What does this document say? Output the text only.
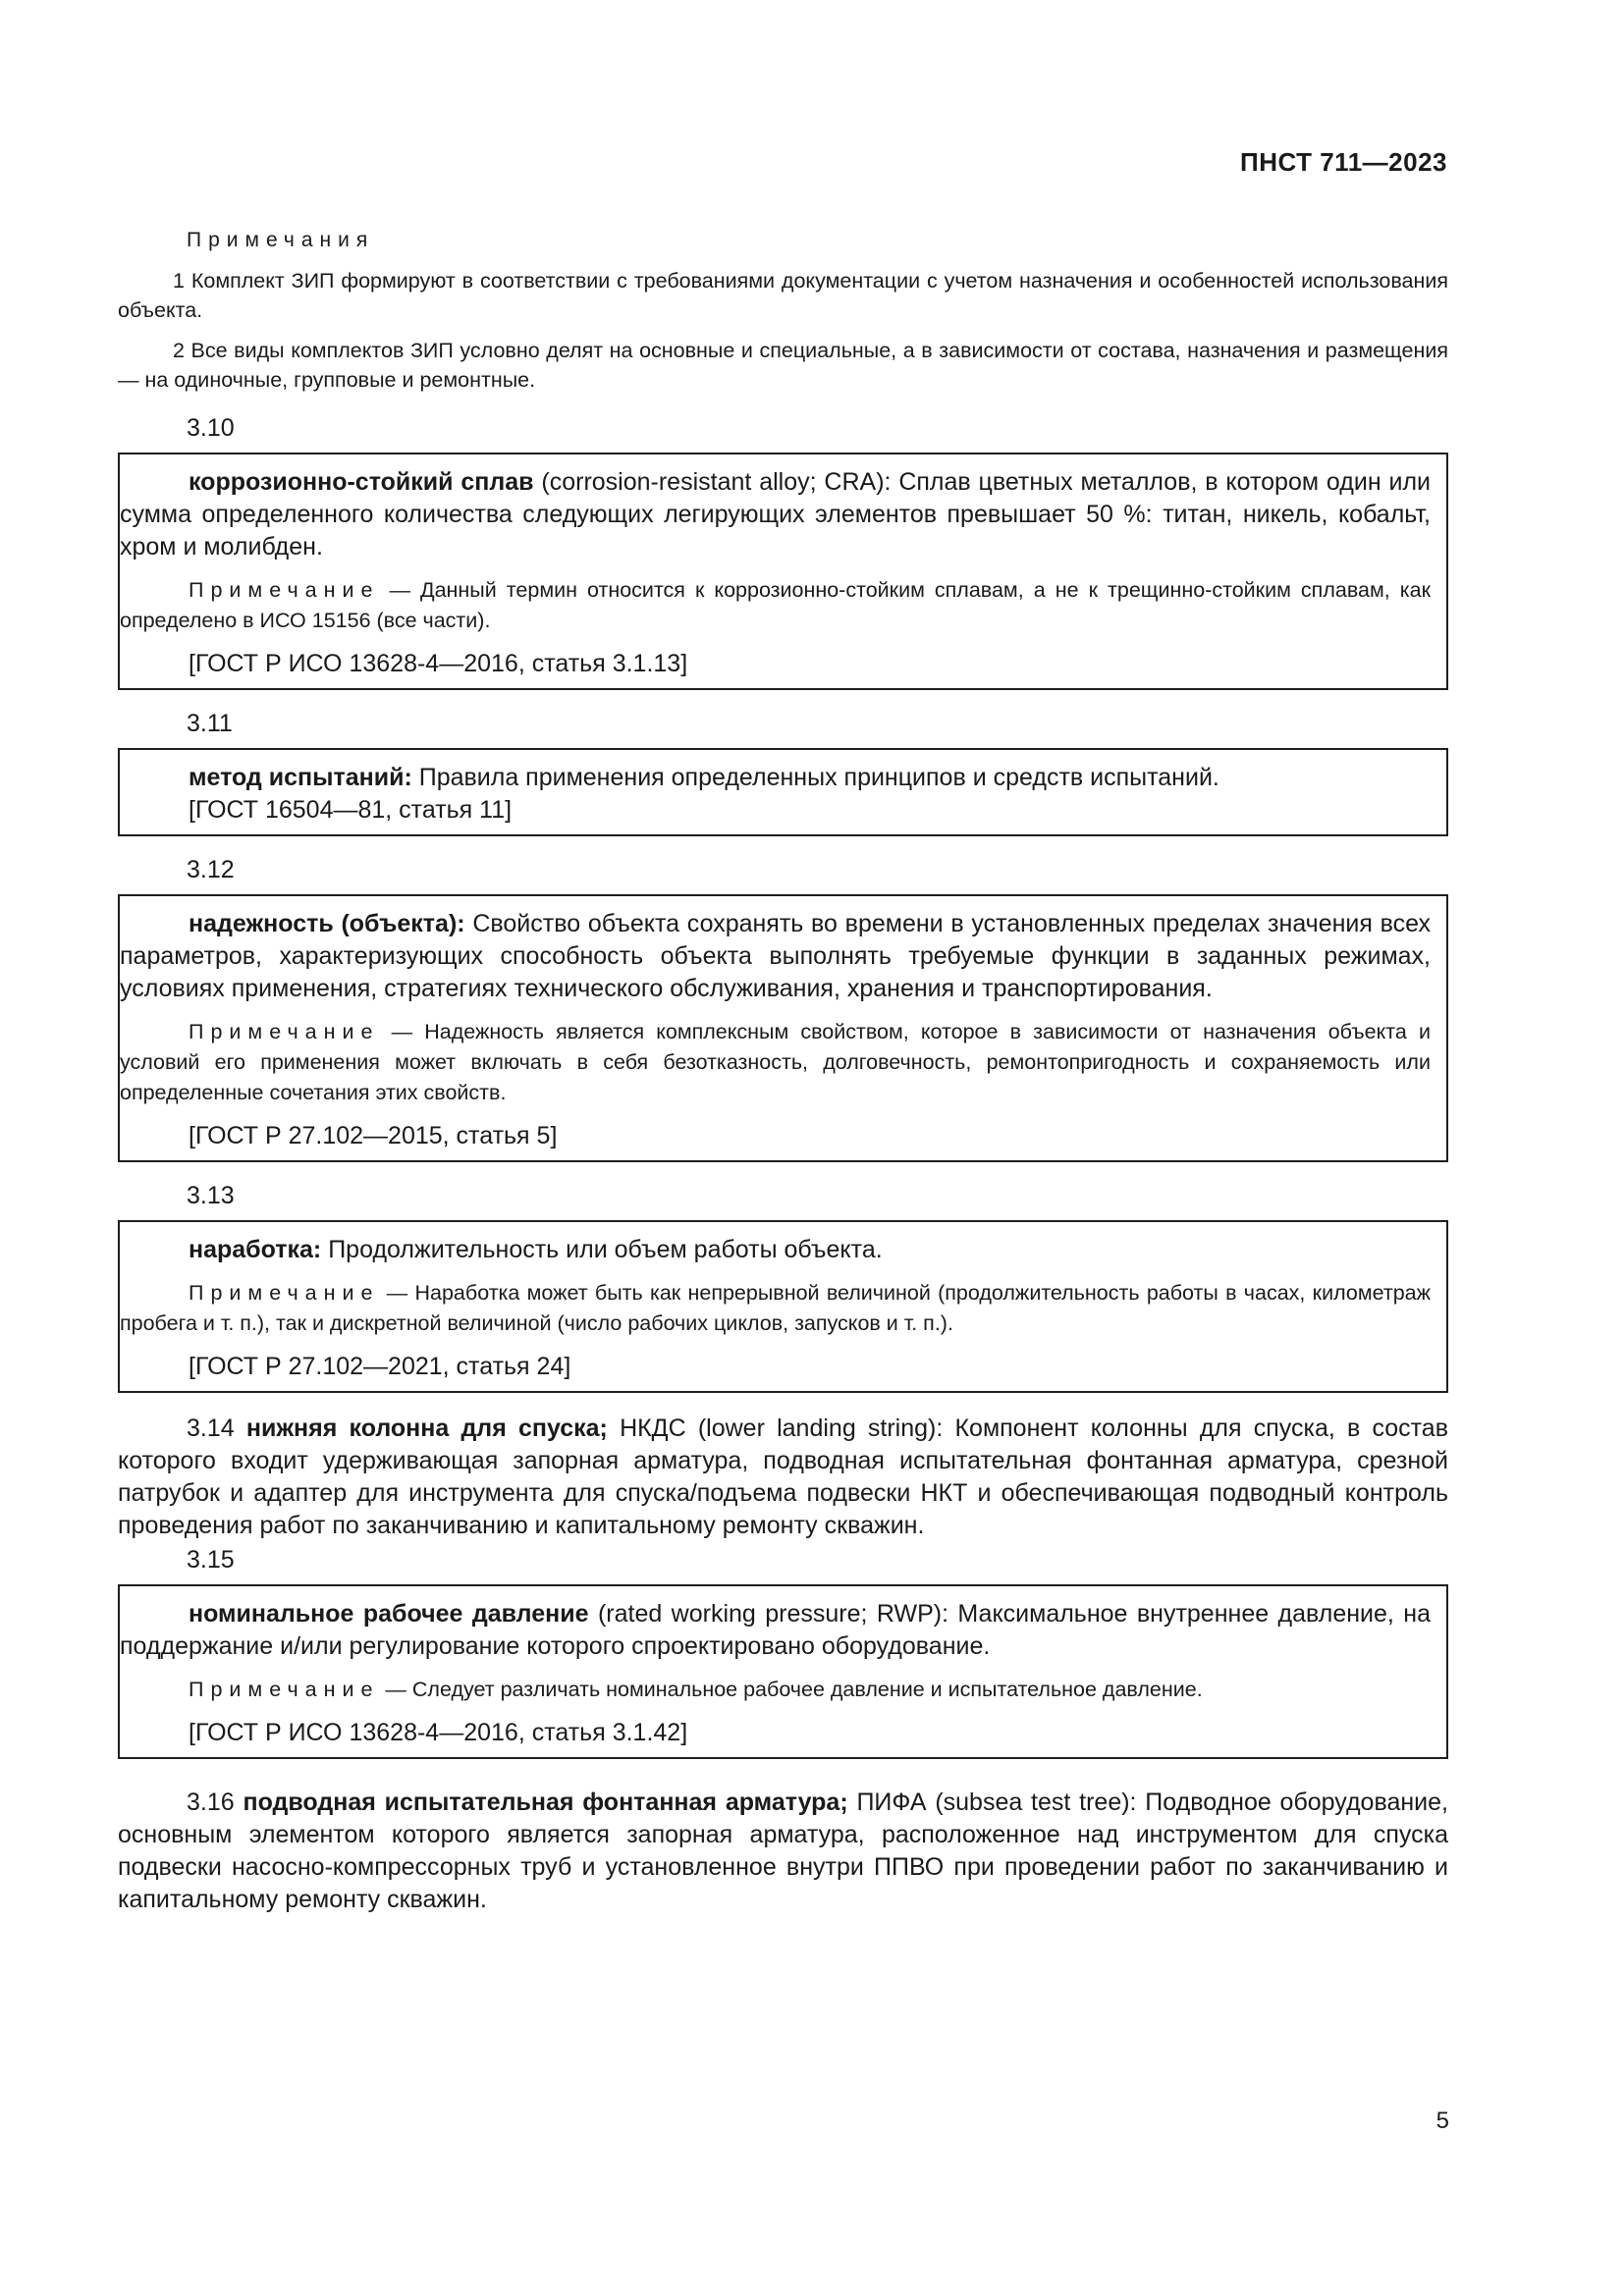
ПНСТ 711—2023
Примечания

1 Комплект ЗИП формируют в соответствии с требованиями документации с учетом назначения и особенностей использования объекта.

2 Все виды комплектов ЗИП условно делят на основные и специальные, а в зависимости от состава, назначения и размещения — на одиночные, групповые и ремонтные.

3.10

коррозионно-стойкий сплав (corrosion-resistant alloy; CRA): Сплав цветных металлов, в котором один или сумма определенного количества следующих легирующих элементов превышает 50 %: титан, никель, кобальт, хром и молибден.

Примечание — Данный термин относится к коррозионно-стойким сплавам, а не к трещинно-стойким сплавам, как определено в ИСО 15156 (все части).

[ГОСТ Р ИСО 13628-4—2016, статья 3.1.13]

3.11

метод испытаний: Правила применения определенных принципов и средств испытаний.

[ГОСТ 16504—81, статья 11]

3.12

надежность (объекта): Свойство объекта сохранять во времени в установленных пределах значения всех параметров, характеризующих способность объекта выполнять требуемые функции в заданных режимах, условиях применения, стратегиях технического обслуживания, хранения и транспортирования.

Примечание — Надежность является комплексным свойством, которое в зависимости от назначения объекта и условий его применения может включать в себя безотказность, долговечность, ремонтопригодность и сохраняемость или определенные сочетания этих свойств.

[ГОСТ Р 27.102—2015, статья 5]

3.13

наработка: Продолжительность или объем работы объекта.

Примечание — Наработка может быть как непрерывной величиной (продолжительность работы в часах, километраж пробега и т. п.), так и дискретной величиной (число рабочих циклов, запусков и т. п.).

[ГОСТ Р 27.102—2021, статья 24]

3.14 нижняя колонна для спуска; НКДС (lower landing string): Компонент колонны для спуска, в состав которого входит удерживающая запорная арматура, подводная испытательная фонтанная арматура, срезной патрубок и адаптер для инструмента для спуска/подъема подвески НКТ и обеспечивающая подводный контроль проведения работ по заканчиванию и капитальному ремонту скважин.

3.15

номинальное рабочее давление (rated working pressure; RWP): Максимальное внутреннее давление, на поддержание и/или регулирование которого спроектировано оборудование.

Примечание — Следует различать номинальное рабочее давление и испытательное давление.

[ГОСТ Р ИСО 13628-4—2016, статья 3.1.42]

3.16 подводная испытательная фонтанная арматура; ПИФА (subsea test tree): Подводное оборудование, основным элементом которого является запорная арматура, расположенное над инструментом для спуска подвески насосно-компрессорных труб и установленное внутри ППВО при проведении работ по заканчиванию и капитальному ремонту скважин.

5
